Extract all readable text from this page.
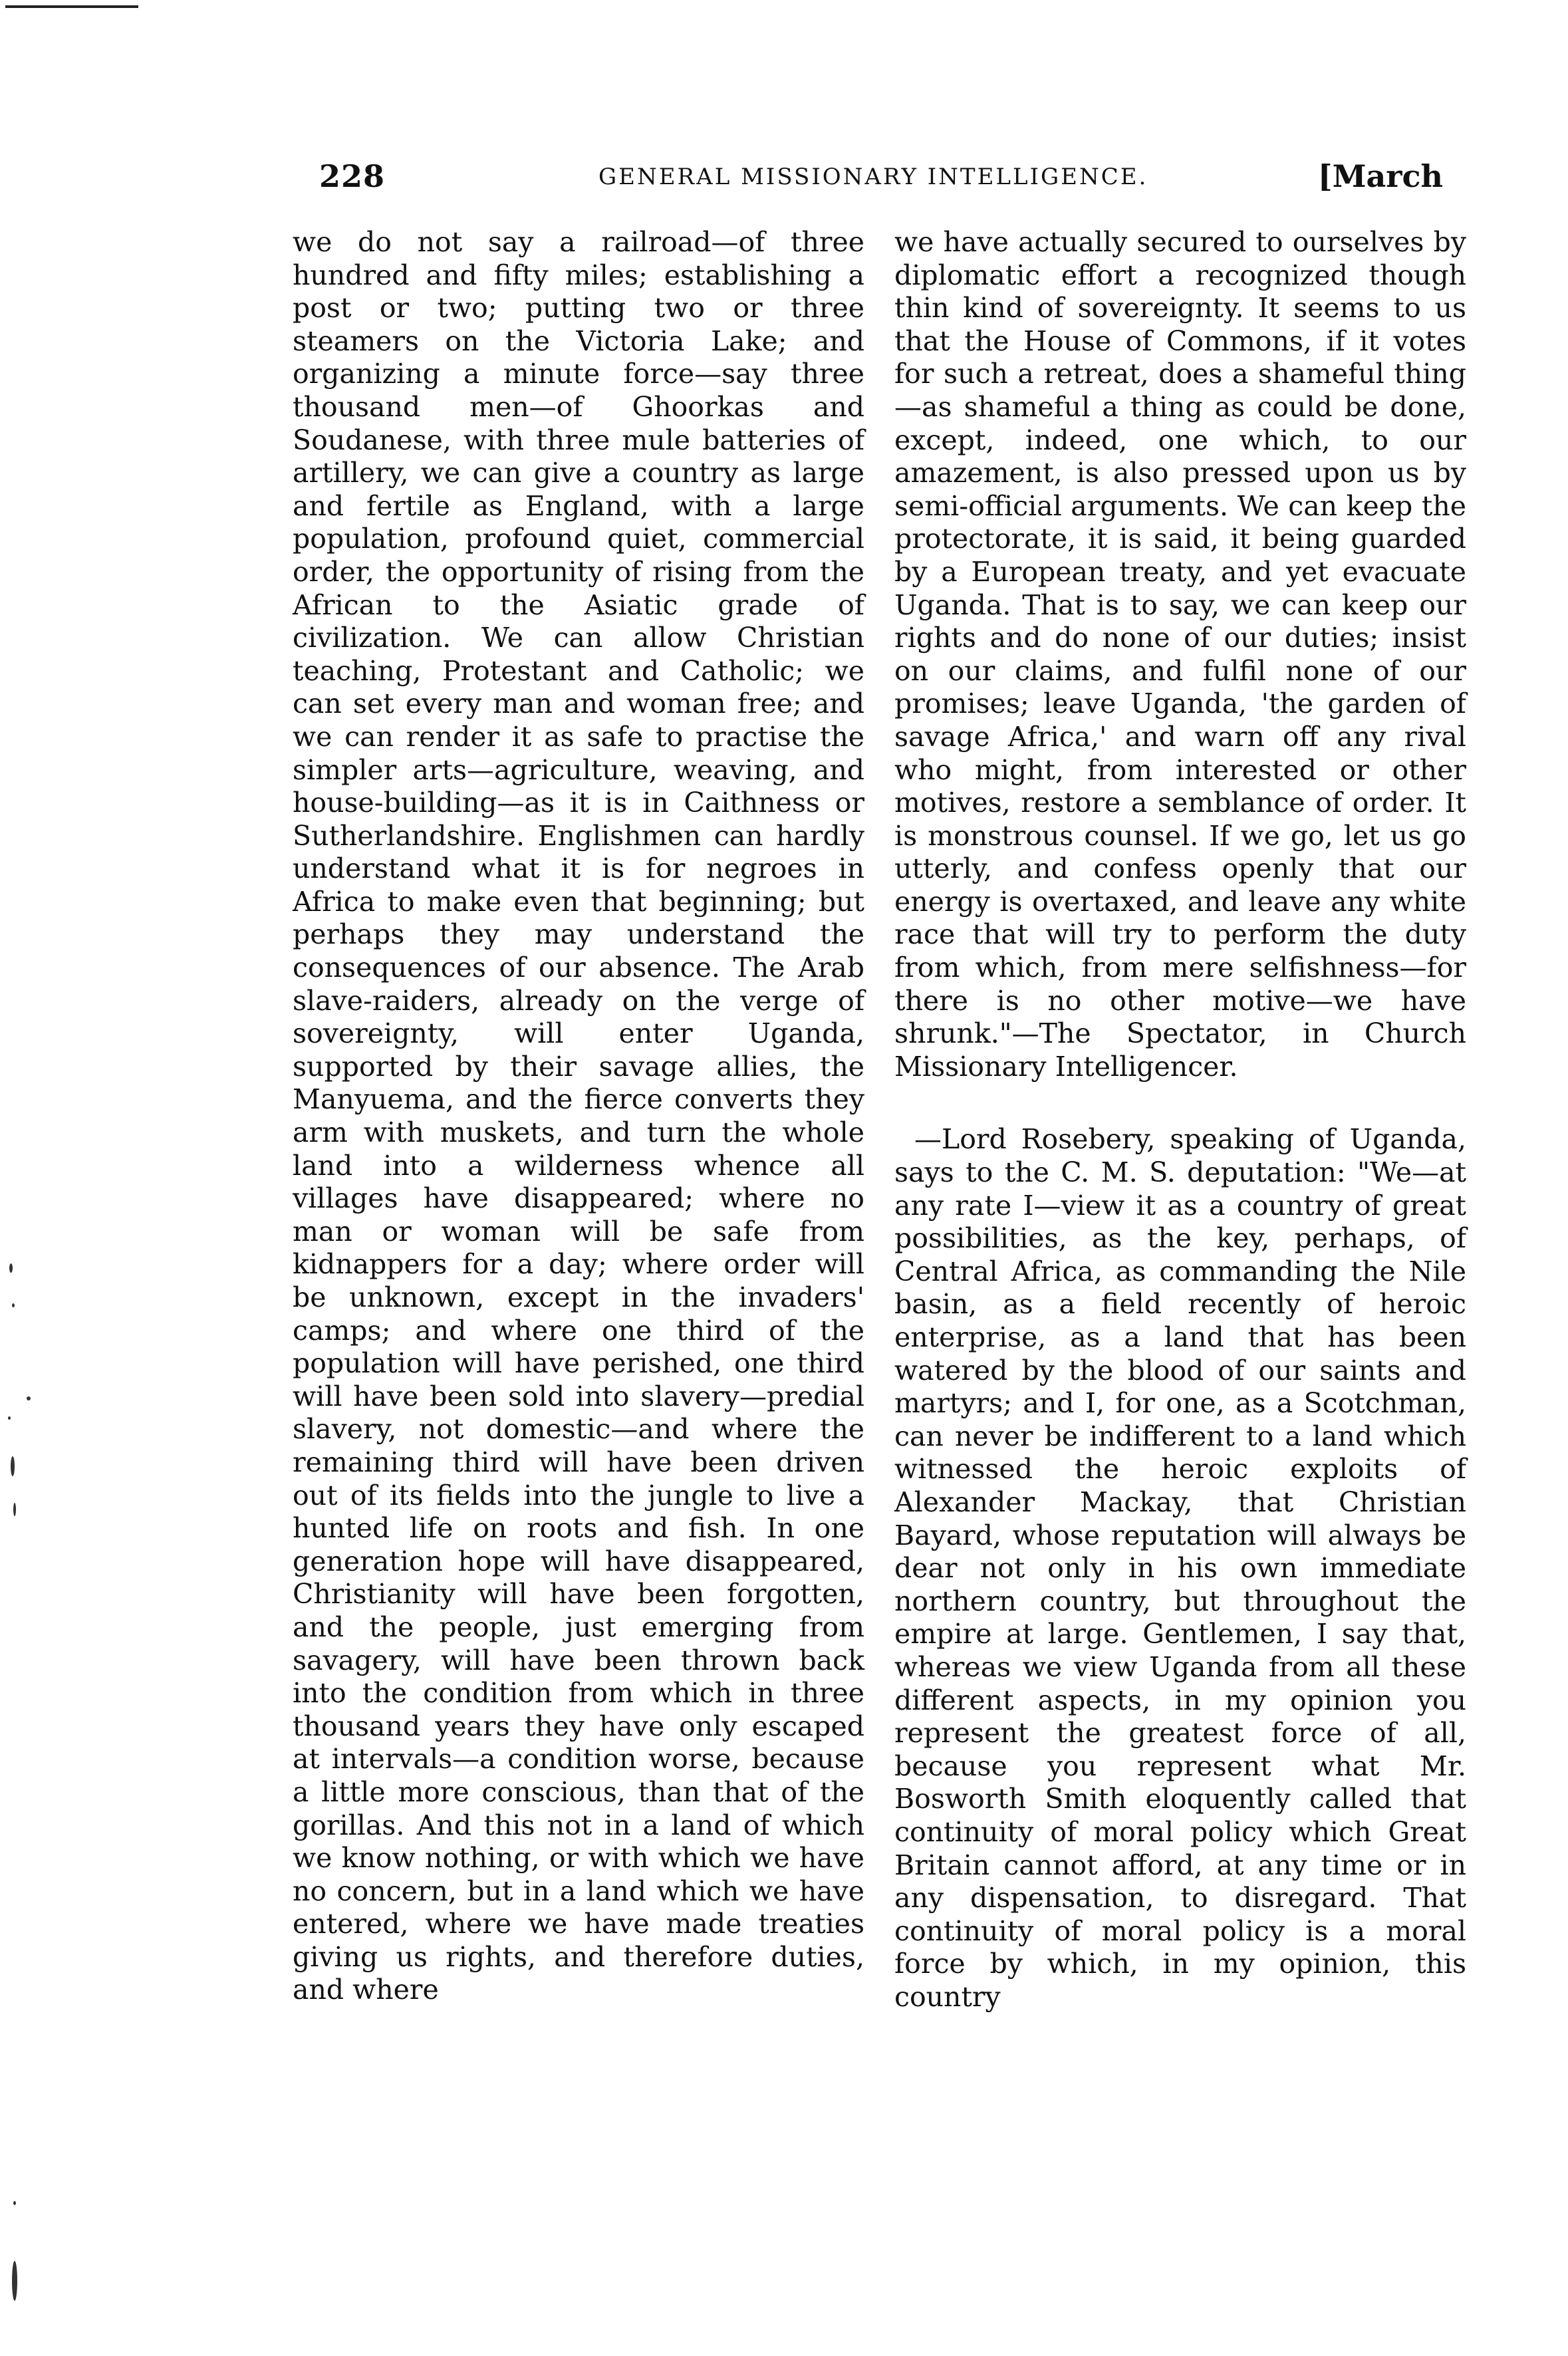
228	GENERAL MISSIONARY INTELLIGENCE.	[March

we do not say a railroad—of three hundred and fifty miles; establishing a post or two; putting two or three steamers on the Victoria Lake; and organizing a minute force—say three thousand men—of Ghoorkas and Soudanese, with three mule batteries of artillery, we can give a country as large and fertile as England, with a large population, profound quiet, commercial order, the opportunity of rising from the African to the Asiatic grade of civilization. We can allow Christian teaching, Protestant and Catholic; we can set every man and woman free; and we can render it as safe to practise the simpler arts—agriculture, weaving, and house-building—as it is in Caithness or Sutherlandshire. Englishmen can hardly understand what it is for negroes in Africa to make even that beginning; but perhaps they may understand the consequences of our absence. The Arab slave-raiders, already on the verge of sovereignty, will enter Uganda, supported by their savage allies, the Manyuema, and the fierce converts they arm with muskets, and turn the whole land into a wilderness whence all villages have disappeared; where no man or woman will be safe from kidnappers for a day; where order will be unknown, except in the invaders' camps; and where one third of the population will have perished, one third will have been sold into slavery—predial slavery, not domestic—and where the remaining third will have been driven out of its fields into the jungle to live a hunted life on roots and fish. In one generation hope will have disappeared, Christianity will have been forgotten, and the people, just emerging from savagery, will have been thrown back into the condition from which in three thousand years they have only escaped at intervals—a condition worse, because a little more conscious, than that of the gorillas. And this not in a land of which we know nothing, or with which we have no concern, but in a land which we have entered, where we have made treaties giving us rights, and therefore duties, and where

we have actually secured to ourselves by diplomatic effort a recognized though thin kind of sovereignty. It seems to us that the House of Commons, if it votes for such a retreat, does a shameful thing—as shameful a thing as could be done, except, indeed, one which, to our amazement, is also pressed upon us by semi-official arguments. We can keep the protectorate, it is said, it being guarded by a European treaty, and yet evacuate Uganda. That is to say, we can keep our rights and do none of our duties; insist on our claims, and fulfil none of our promises; leave Uganda, 'the garden of savage Africa,' and warn off any rival who might, from interested or other motives, restore a semblance of order. It is monstrous counsel. If we go, let us go utterly, and confess openly that our energy is overtaxed, and leave any white race that will try to perform the duty from which, from mere selfishness—for there is no other motive—we have shrunk."—The Spectator, in Church Missionary Intelligencer.

—Lord Rosebery, speaking of Uganda, says to the C. M. S. deputation: "We—at any rate I—view it as a country of great possibilities, as the key, perhaps, of Central Africa, as commanding the Nile basin, as a field recently of heroic enterprise, as a land that has been watered by the blood of our saints and martyrs; and I, for one, as a Scotchman, can never be indifferent to a land which witnessed the heroic exploits of Alexander Mackay, that Christian Bayard, whose reputation will always be dear not only in his own immediate northern country, but throughout the empire at large. Gentlemen, I say that, whereas we view Uganda from all these different aspects, in my opinion you represent the greatest force of all, because you represent what Mr. Bosworth Smith eloquently called that continuity of moral policy which Great Britain cannot afford, at any time or in any dispensation, to disregard. That continuity of moral policy is a moral force by which, in my opinion, this country
